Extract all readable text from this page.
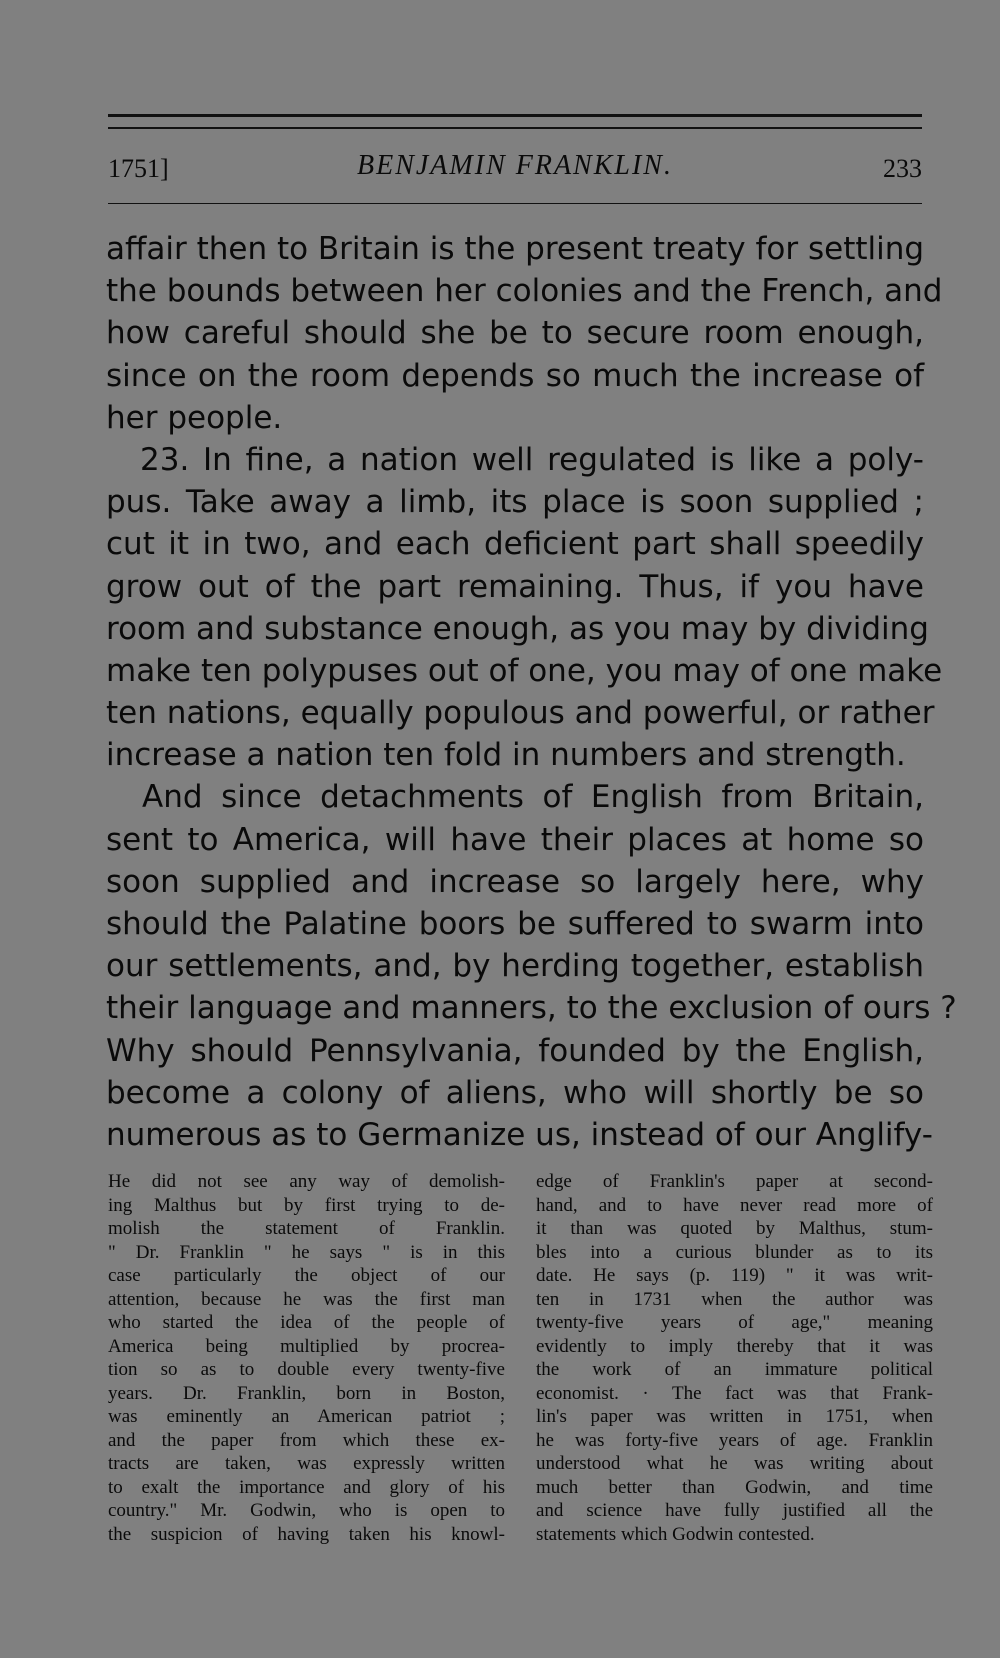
1751]	BENJAMIN FRANKLIN.	233
affair then to Britain is the present treaty for settling
the bounds between her colonies and the French, and
how careful should she be to secure room enough,
since on the room depends so much the increase of
her people.
23. In fine, a nation well regulated is like a poly-
pus. Take away a limb, its place is soon supplied ;
cut it in two, and each deficient part shall speedily
grow out of the part remaining. Thus, if you have
room and substance enough, as you may by dividing
make ten polypuses out of one, you may of one make
ten nations, equally populous and powerful, or rather
increase a nation ten fold in numbers and strength.
And since detachments of English from Britain,
sent to America, will have their places at home so
soon supplied and increase so largely here, why
should the Palatine boors be suffered to swarm into
our settlements, and, by herding together, establish
their language and manners, to the exclusion of ours ?
Why should Pennsylvania, founded by the English,
become a colony of aliens, who will shortly be so
numerous as to Germanize us, instead of our Anglify-
He did not see any way of demolish-
ing Malthus but by first trying to de-
molish the statement of Franklin.
" Dr. Franklin " he says " is in this
case particularly the object of our
attention, because he was the first man
who started the idea of the people of
America being multiplied by procrea-
tion so as to double every twenty-five
years. Dr. Franklin, born in Boston,
was eminently an American patriot ;
and the paper from which these ex-
tracts are taken, was expressly written
to exalt the importance and glory of his
country." Mr. Godwin, who is open to
the suspicion of having taken his knowl-
edge of Franklin's paper at second-
hand, and to have never read more of
it than was quoted by Malthus, stum-
bles into a curious blunder as to its
date. He says (p. 119) " it was writ-
ten in 1731 when the author was
twenty-five years of age," meaning
evidently to imply thereby that it was
the work of an immature political
economist. · The fact was that Frank-
lin's paper was written in 1751, when
he was forty-five years of age. Franklin
understood what he was writing about
much better than Godwin, and time
and science have fully justified all the
statements which Godwin contested.
